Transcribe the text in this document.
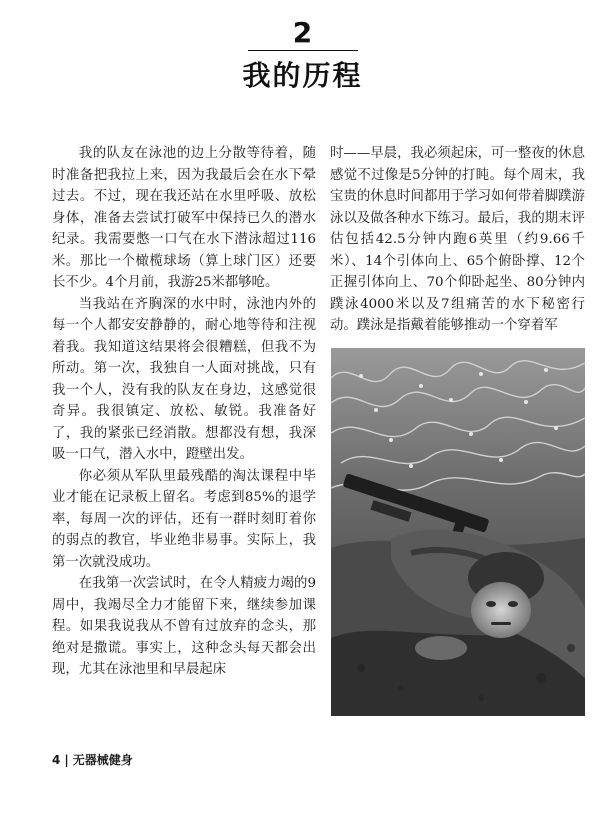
2
我的历程

我的队友在泳池的边上分散等待着，随时准备把我拉上来，因为我最后会在水下晕过去。不过，现在我还站在水里呼吸、放松身体，准备去尝试打破军中保持已久的潜水纪录。我需要憋一口气在水下潜泳超过116米。那比一个橄榄球场（算上球门区）还要长不少。4个月前，我游25米都够呛。

当我站在齐胸深的水中时，泳池内外的每一个人都安安静静的，耐心地等待和注视着我。我知道这结果将会很糟糕，但我不为所动。第一次，我独自一人面对挑战，只有我一个人，没有我的队友在身边，这感觉很奇异。我很镇定、放松、敏锐。我准备好了，我的紧张已经消散。想都没有想，我深吸一口气，潜入水中，蹬壁出发。

你必须从军队里最残酷的淘汰课程中毕业才能在记录板上留名。考虑到85%的退学率，每周一次的评估，还有一群时刻盯着你的弱点的教官，毕业绝非易事。实际上，我第一次就没成功。

在我第一次尝试时，在令人精疲力竭的9周中，我竭尽全力才能留下来，继续参加课程。如果我说我从不曾有过放弃的念头，那绝对是撒谎。事实上，这种念头每天都会出现，尤其在泳池里和早晨起床

时——早晨，我必须起床，可一整夜的休息感觉不过像是5分钟的打盹。每个周末，我宝贵的休息时间都用于学习如何带着脚蹼游泳以及做各种水下练习。最后，我的期末评估包括42.5分钟内跑6英里（约9.66千米）、14个引体向上、65个俯卧撑、12个正握引体向上、70个仰卧起坐、80分钟内蹼泳4000米以及7组痛苦的水下秘密行动。蹼泳是指戴着能够推动一个穿着军

4 | 无器械健身
